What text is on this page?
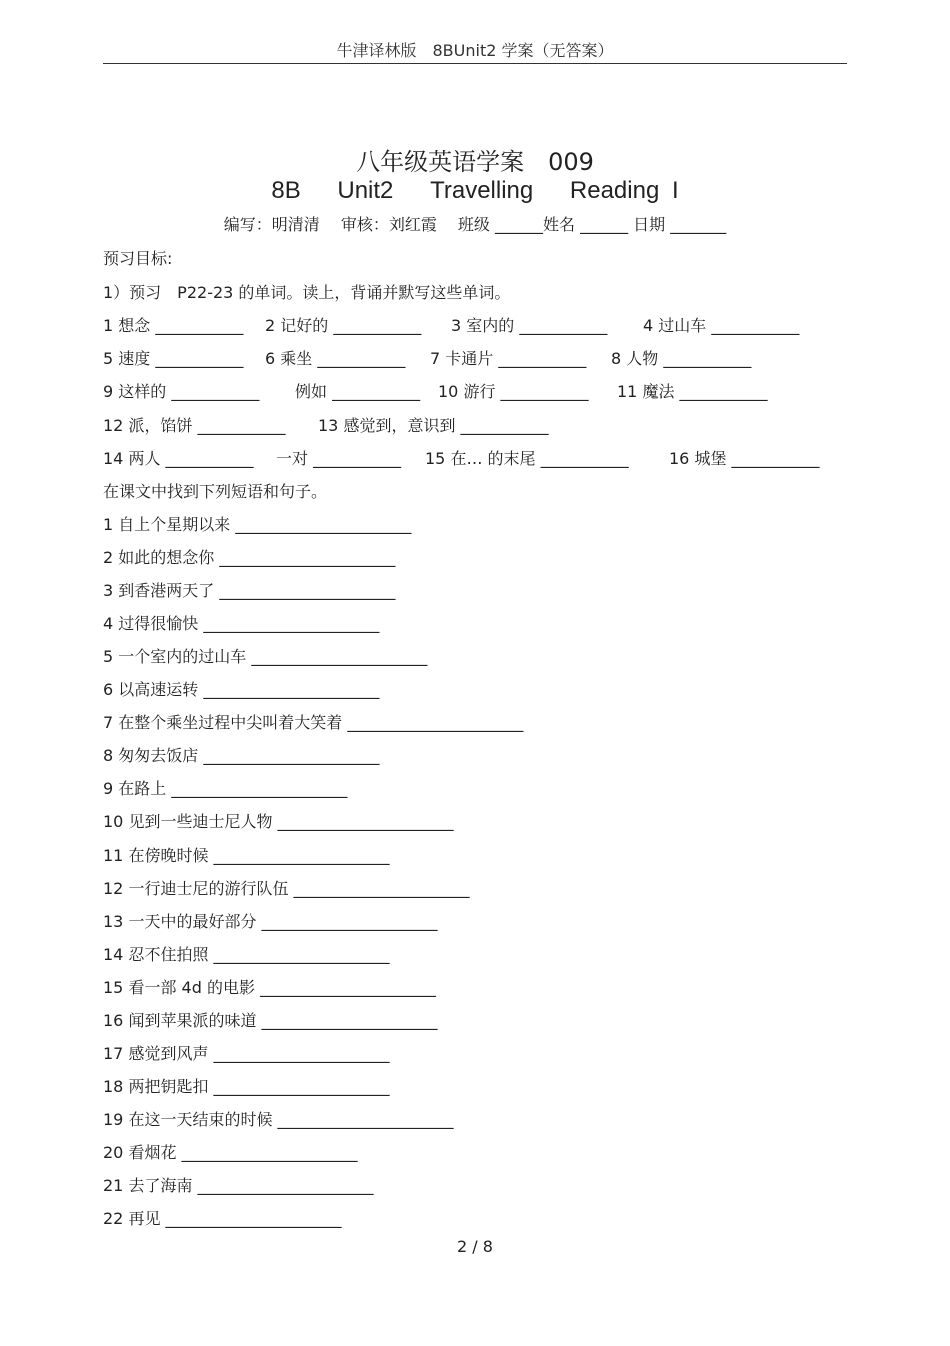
牛津译林版　8BUnit2 学案（无答案）
八年级英语学案　009
8B Unit2 Travelling Reading I
编写：明清清 审核：刘红霞 班级 ______姓名 ______ 日期 _______
预习目标:
1）预习　P22-23 的单词。读上，背诵并默写这些单词。
1 想念 ___________ 2 记好的 ___________ 3 室内的 ___________ 4 过山车 ___________
5 速度 ___________ 6 乘坐 ___________ 7 卡通片 ___________ 8 人物 ___________
9 这样的 ___________ 例如 ___________ 10 游行 ___________ 11 魔法 ___________
12 派，馅饼 ___________ 13 感觉到，意识到 ___________
14 两人 ___________ 一对 ___________ 15 在… 的末尾 ___________	16 城堡 ___________
在课文中找到下列短语和句子。
1 自上个星期以来 ______________________
2 如此的想念你 ______________________
3 到香港两天了 ______________________
4 过得很愉快 ______________________
5 一个室内的过山车 ______________________
6 以高速运转 ______________________
7 在整个乘坐过程中尖叫着大笑着 ______________________
8 匆匆去饭店 ______________________
9 在路上 ______________________
10 见到一些迪士尼人物 ______________________
11 在傍晚时候 ______________________
12 一行迪士尼的游行队伍 ______________________
13 一天中的最好部分 ______________________
14 忍不住拍照 ______________________
15 看一部 4d 的电影 ______________________
16 闻到苹果派的味道 ______________________
17 感觉到风声 ______________________
18 两把钥匙扣 ______________________
19 在这一天结束的时候 ______________________
20 看烟花 ______________________
21 去了海南 ______________________
22 再见 ______________________
2 / 8
